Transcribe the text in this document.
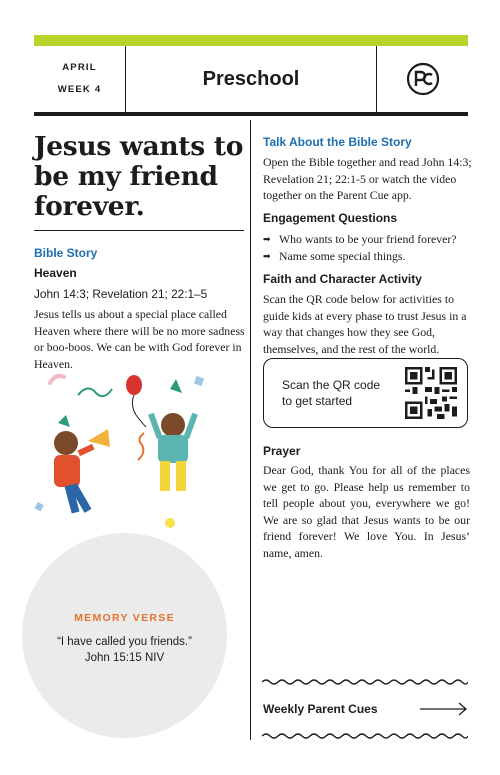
APRIL
WEEK 4	Preschool
Jesus wants to be my friend forever.
Bible Story
Heaven
John 14:3; Revelation 21; 22:1–5
Jesus tells us about a special place called Heaven where there will be no more sadness or boo-boos. We can be with God forever in Heaven.
MEMORY VERSE
“I have called you friends.”
John 15:15 NIV
Talk About the Bible Story
Open the Bible together and read John 14:3; Revelation 21; 22:1-5 or watch the video together on the Parent Cue app.
Engagement Questions
➡ Who wants to be your friend forever?
➡ Name some special things.
Faith and Character Activity
Scan the QR code below for activities to guide kids at every phase to trust Jesus in a way that changes how they see God, themselves, and the rest of the world.
Scan the QR code
to get started
Prayer
Dear God, thank You for all of the places we get to go. Please help us remember to tell people about you, everywhere we go! We are so glad that Jesus wants to be our friend forever! We love You. In Jesus’ name, amen.
Weekly Parent Cues
